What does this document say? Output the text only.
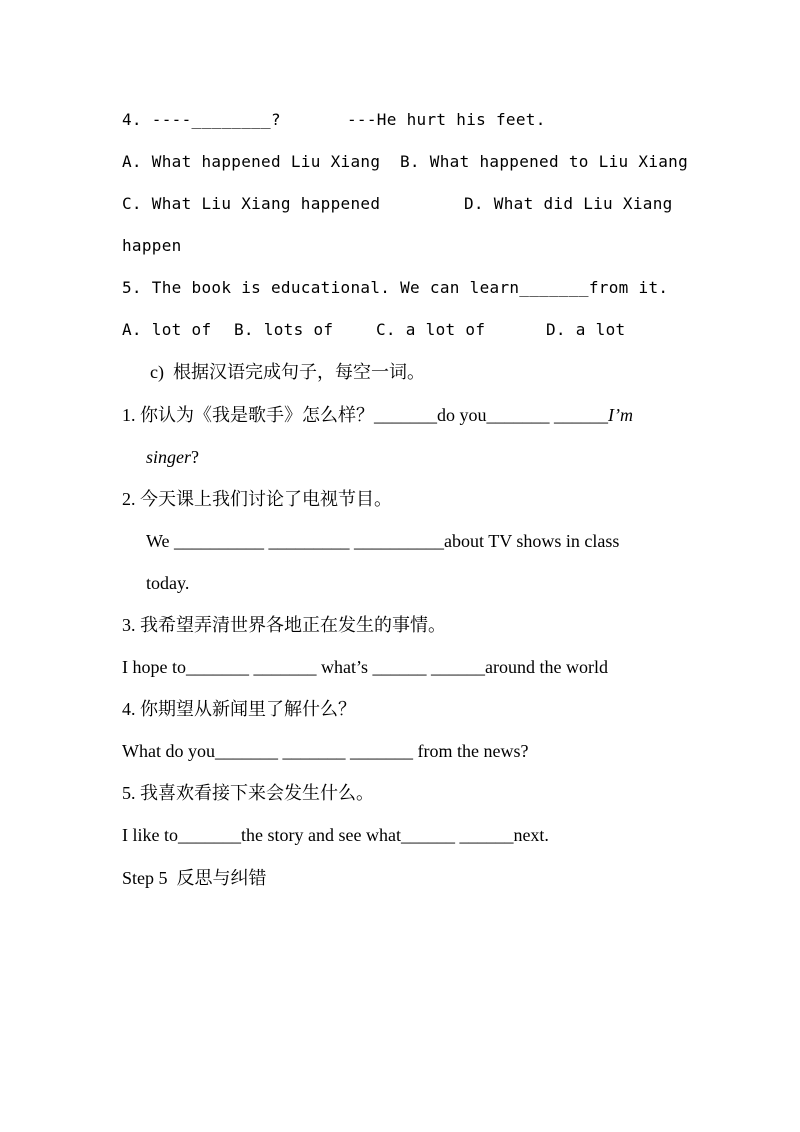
4. ----________?	---He hurt his feet.
A. What happened Liu Xiang B. What happened to Liu Xiang
C. What Liu Xiang happened	D. What did Liu Xiang
happen
5. The book is educational. We can learn_______from it.
A. lot of B. lots of	C. a lot of	D. a lot
c)  根据汉语完成句子，每空一词。
1. 你认为《我是歌手》怎么样？_______do you_______ ______I’m
singer?
2. 今天课上我们讨论了电视节目。
We __________ _________ __________about TV shows in class
today.
3. 我希望弄清世界各地正在发生的事情。
I hope to_______ _______ what’s ______ ______around the world
4. 你期望从新闻里了解什么？
What do you_______ _______ _______ from the news?
5. 我喜欢看接下来会发生什么。
I like to_______the story and see what______ ______next.
Step 5  反思与纠错
